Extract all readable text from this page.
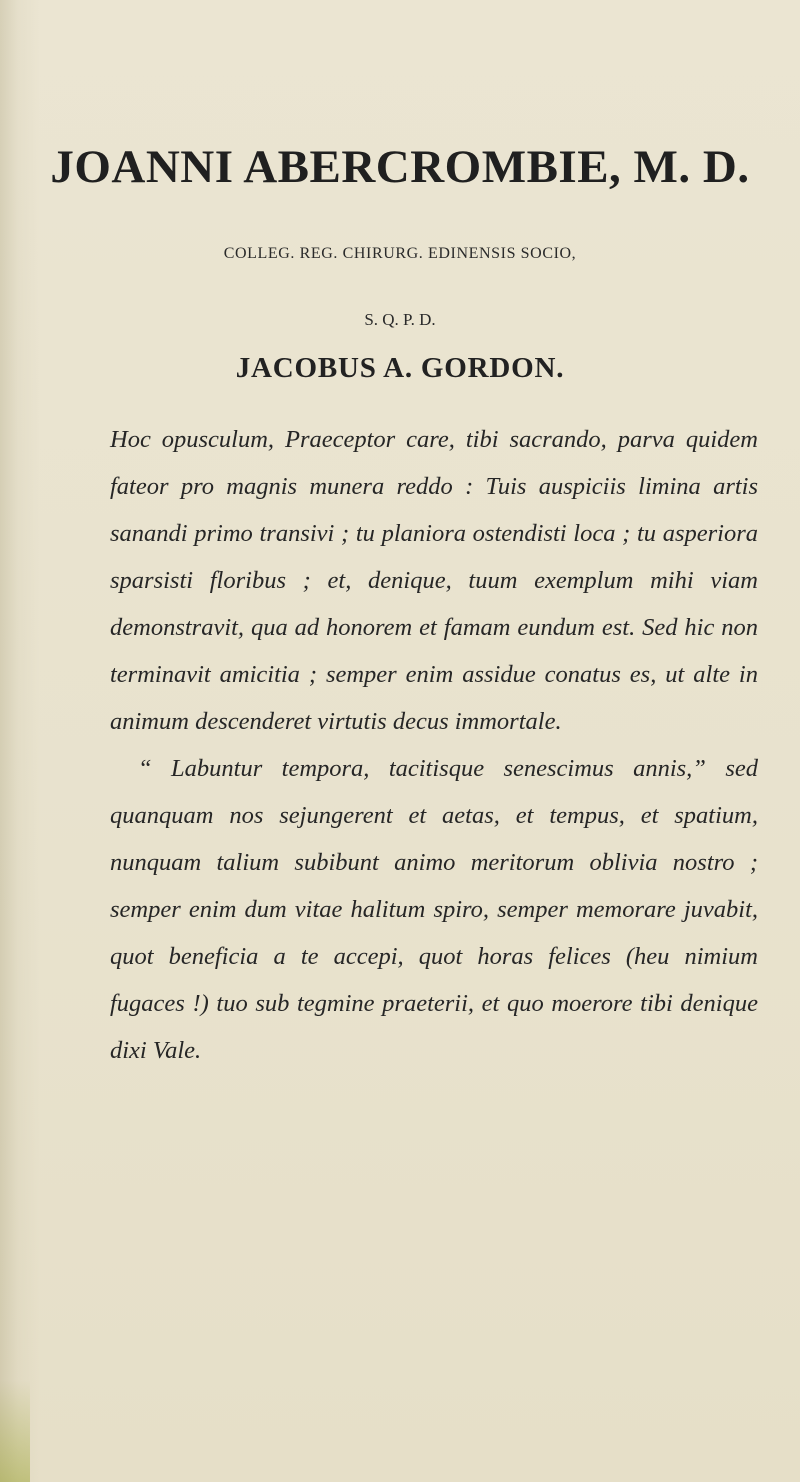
JOANNI ABERCROMBIE, M. D.

COLLEG. REG. CHIRURG. EDINENSIS SOCIO,

S. Q. P. D.

JACOBUS A. GORDON.

Hoc opusculum, Praeceptor care, tibi sacrando, parva quidem fateor pro magnis munera reddo : Tuis auspiciis limina artis sanandi primo transivi ; tu planiora ostendisti loca ; tu asperiora sparsisti floribus ; et, denique, tuum exemplum mihi viam demonstravit, qua ad honorem et famam eundum est. Sed hic non terminavit amicitia ; semper enim assidue conatus es, ut alte in animum descenderet virtutis decus immortale.

“ Labuntur tempora, tacitisque senescimus annis,” sed quanquam nos sejungerent et aetas, et tempus, et spatium, nunquam talium subibunt animo meritorum oblivia nostro ; semper enim dum vitae halitum spiro, semper memorare juvabit, quot beneficia a te accepi, quot horas felices (heu nimium fugaces !) tuo sub tegmine praeterii, et quo moerore tibi denique dixi Vale.
